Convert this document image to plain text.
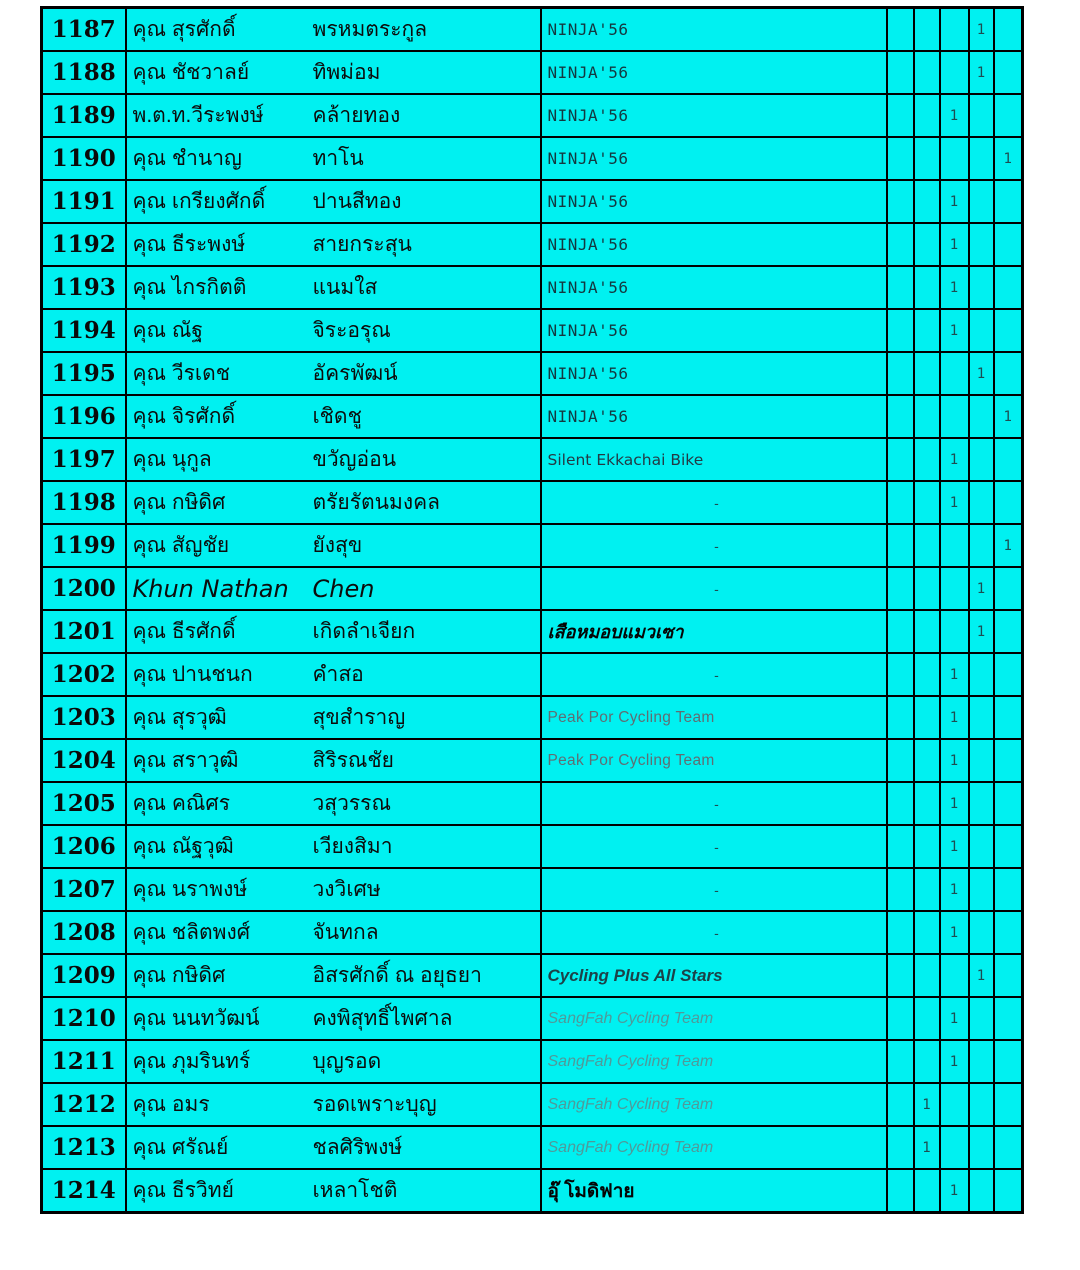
1187	คุณ สุรศักดิ์ พรหมตระกูล	NINJA'56				1	
1188	คุณ ชัชวาลย์ ทิพม่อม	NINJA'56				1	
1189	พ.ต.ท.วีระพงษ์ คล้ายทอง	NINJA'56			1		
1190	คุณ ชำนาญ ทาโน	NINJA'56					1
1191	คุณ เกรียงศักดิ์ ปานสีทอง	NINJA'56			1		
1192	คุณ ธีระพงษ์ สายกระสุน	NINJA'56			1		
1193	คุณ ไกรกิตติ แนมใส	NINJA'56			1		
1194	คุณ ณัฐ จิระอรุณ	NINJA'56			1		
1195	คุณ วีรเดช อัครพัฒน์	NINJA'56				1	
1196	คุณ จิรศักดิ์ เชิดชู	NINJA'56					1
1197	คุณ นุกูล ขวัญอ่อน	Silent Ekkachai Bike			1		
1198	คุณ กษิดิศ ตรัยรัตนมงคล	-			1		
1199	คุณ สัญชัย ยังสุข	-					1
1200	Khun Nathan Chen	-				1	
1201	คุณ ธีรศักดิ์ เกิดลำเจียก	เสือหมอบแมวเซา				1	
1202	คุณ ปานชนก คำสอ	-			1		
1203	คุณ สุรวุฒิ สุขสำราญ	Peak Por Cycling Team			1		
1204	คุณ สราวุฒิ สิริรณชัย	Peak Por Cycling Team			1		
1205	คุณ คณิศร วสุวรรณ	-			1		
1206	คุณ ณัฐวุฒิ เวียงสิมา	-			1		
1207	คุณ นราพงษ์ วงวิเศษ	-			1		
1208	คุณ ชลิตพงศ์ จันทกล	-			1		
1209	คุณ กษิดิศ อิสรศักดิ์ ณ อยุธยา	Cycling Plus All Stars				1	
1210	คุณ นนทวัฒน์ คงพิสุทธิ์ไพศาล	SangFah Cycling Team			1		
1211	คุณ ภุมรินทร์ บุญรอด	SangFah Cycling Team			1		
1212	คุณ อมร รอดเพราะบุญ	SangFah Cycling Team		1			
1213	คุณ ศรัณย์ ชลศิริพงษ์	SangFah Cycling Team		1			
1214	คุณ ธีรวิทย์ เหลาโชติ	อุ๊ โมดิฟาย			1		
